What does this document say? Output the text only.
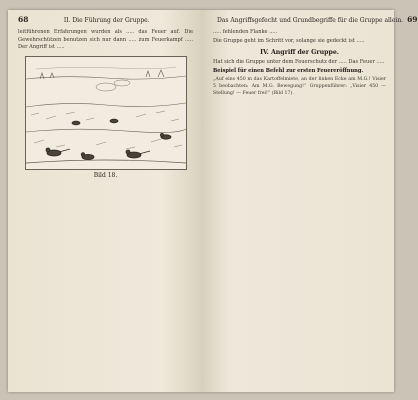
68	II. Die Führung der Gruppe.

leitführenen Erfahrungen wurden als ..... das Feuer auf. Die Gewehrschützen benutzen sich nur dann ..... zum Feuerkampf ..... Der Angriff ist .....

Bild 18.
Das Angriffsgefecht und Grundbegriffe für die Gruppe allein. 69

..... fehlenden Flanke .....

Die Gruppe geht im Schritt vor, solange sie gedeckt ist .....

IV. Angriff der Gruppe.

Hat sich die Gruppe unter dem Feuerschutz der ..... Das Feuer .....

Beispiel für einen Befehl zur ersten Feuereröffnung.

„Auf eins 450 m das Kartoffelmiete, an der linken Ecke am M.G.! Visier 5 beobachten: Am M.G. Bewegung!“ Gruppenführer: „Visier 450 — Stellung! — Feuer frei!“ (Bild 17).
